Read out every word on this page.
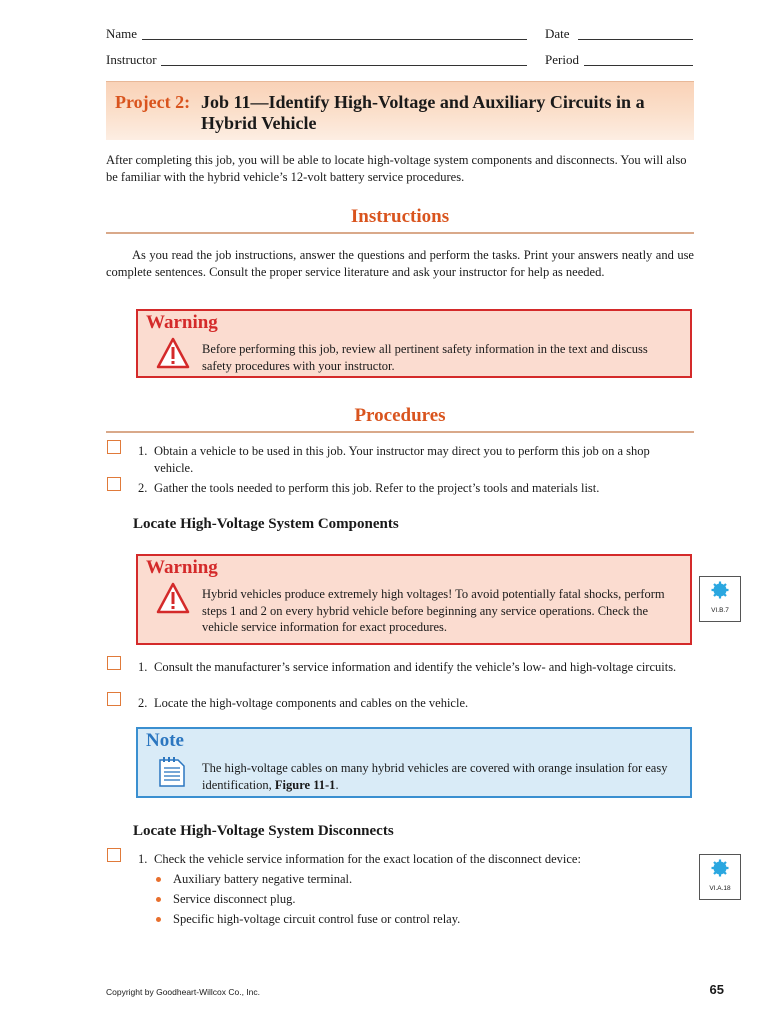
Name	Date
Instructor	Period
Project 2: Job 11—Identify High-Voltage and Auxiliary Circuits in a Hybrid Vehicle
After completing this job, you will be able to locate high-voltage system components and disconnects. You will also be familiar with the hybrid vehicle’s 12-volt battery service procedures.
Instructions
As you read the job instructions, answer the questions and perform the tasks. Print your answers neatly and use complete sentences. Consult the proper service literature and ask your instructor for help as needed.
Warning
Before performing this job, review all pertinent safety information in the text and discuss safety procedures with your instructor.
Procedures
1. Obtain a vehicle to be used in this job. Your instructor may direct you to perform this job on a shop vehicle.
2. Gather the tools needed to perform this job. Refer to the project’s tools and materials list.
Locate High-Voltage System Components
Warning
Hybrid vehicles produce extremely high voltages! To avoid potentially fatal shocks, perform steps 1 and 2 on every hybrid vehicle before beginning any service operations. Check the vehicle service information for exact procedures.
VI.B.7
1. Consult the manufacturer’s service information and identify the vehicle’s low- and high-voltage circuits.
2. Locate the high-voltage components and cables on the vehicle.
Note
The high-voltage cables on many hybrid vehicles are covered with orange insulation for easy identification, Figure 11-1.
Locate High-Voltage System Disconnects
1. Check the vehicle service information for the exact location of the disconnect device:
Auxiliary battery negative terminal.
Service disconnect plug.
Specific high-voltage circuit control fuse or control relay.
VI.A.18
Copyright by Goodheart-Willcox Co., Inc.	65
